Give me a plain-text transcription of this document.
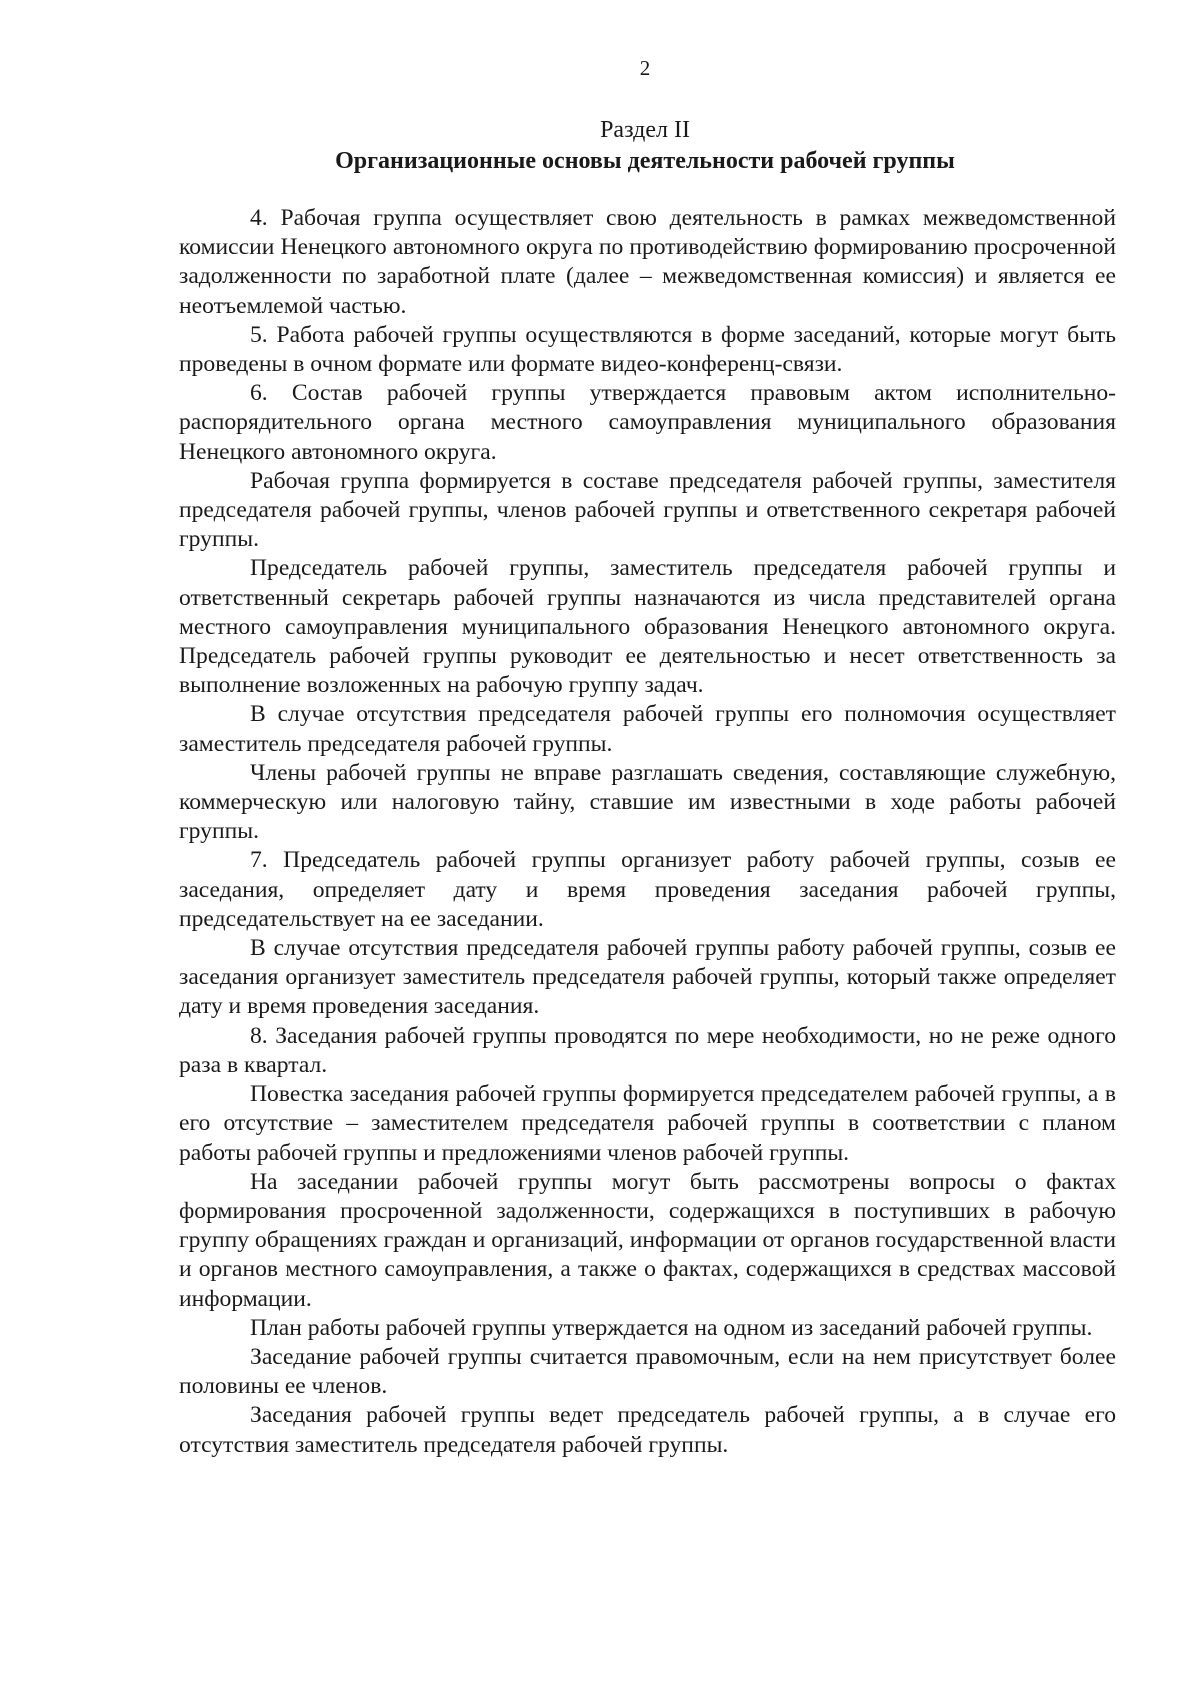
2
Раздел II
Организационные основы деятельности рабочей группы

4. Рабочая группа осуществляет свою деятельность в рамках межведомственной комиссии Ненецкого автономного округа по противодействию формированию просроченной задолженности по заработной плате (далее – межведомственная комиссия) и является ее неотъемлемой частью.

5. Работа рабочей группы осуществляются в форме заседаний, которые могут быть проведены в очном формате или формате видео-конференц-связи.

6. Состав рабочей группы утверждается правовым актом исполнительно-распорядительного органа местного самоуправления муниципального образования Ненецкого автономного округа.

Рабочая группа формируется в составе председателя рабочей группы, заместителя председателя рабочей группы, членов рабочей группы и ответственного секретаря рабочей группы.

Председатель рабочей группы, заместитель председателя рабочей группы и ответственный секретарь рабочей группы назначаются из числа представителей органа местного самоуправления муниципального образования Ненецкого автономного округа. Председатель рабочей группы руководит ее деятельностью и несет ответственность за выполнение возложенных на рабочую группу задач.

В случае отсутствия председателя рабочей группы его полномочия осуществляет заместитель председателя рабочей группы.

Члены рабочей группы не вправе разглашать сведения, составляющие служебную, коммерческую или налоговую тайну, ставшие им известными в ходе работы рабочей группы.

7. Председатель рабочей группы организует работу рабочей группы, созыв ее заседания, определяет дату и время проведения заседания рабочей группы, председательствует на ее заседании.

В случае отсутствия председателя рабочей группы работу рабочей группы, созыв ее заседания организует заместитель председателя рабочей группы, который также определяет дату и время проведения заседания.

8. Заседания рабочей группы проводятся по мере необходимости, но не реже одного раза в квартал.

Повестка заседания рабочей группы формируется председателем рабочей группы, а в его отсутствие – заместителем председателя рабочей группы в соответствии с планом работы рабочей группы и предложениями членов рабочей группы.

На заседании рабочей группы могут быть рассмотрены вопросы о фактах формирования просроченной задолженности, содержащихся в поступивших в рабочую группу обращениях граждан и организаций, информации от органов государственной власти и органов местного самоуправления, а также о фактах, содержащихся в средствах массовой информации.

План работы рабочей группы утверждается на одном из заседаний рабочей группы.

Заседание рабочей группы считается правомочным, если на нем присутствует более половины ее членов.

Заседания рабочей группы ведет председатель рабочей группы, а в случае его отсутствия заместитель председателя рабочей группы.
